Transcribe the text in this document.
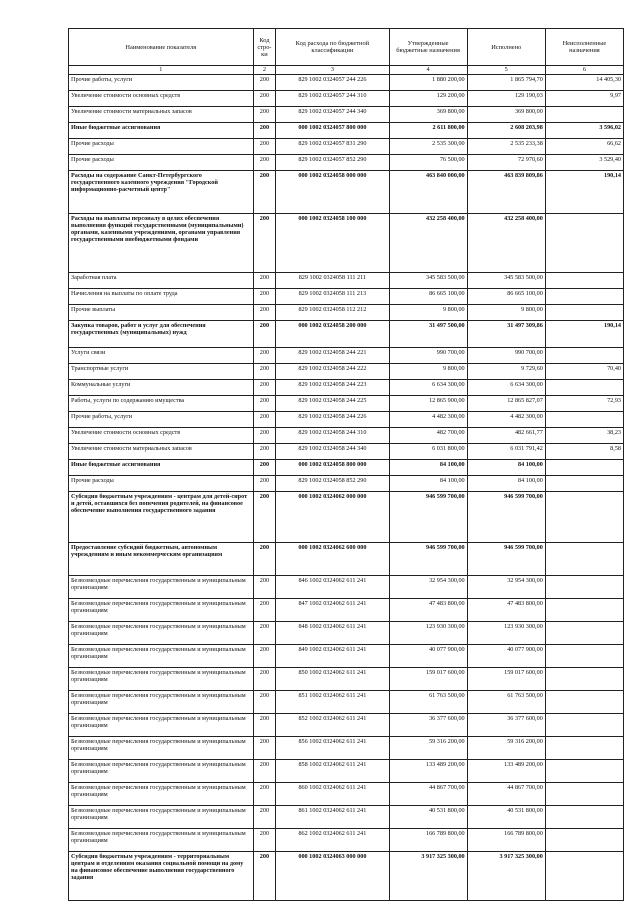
Наименование показателя	Код стро-ки	Код расхода по бюджетной классификации	Утвержденные бюджетные назначения	Исполнено	Неисполненные назначения
1	2	3	4	5	6
Прочие работы, услуги	200	829 1002 0324057 244 226	1 880 200,00	1 865 794,70	14 405,30
Увеличение стоимости основных средств	200	829 1002 0324057 244 310	129 200,00	129 190,03	9,97
Увеличение стоимости материальных запасов	200	829 1002 0324057 244 340	369 800,00	369 800,00	
Иные бюджетные ассигнования	200	000 1002 0324057 800 000	2 611 800,00	2 608 203,98	3 596,02
Прочие расходы	200	829 1002 0324057 831 290	2 535 300,00	2 535 233,38	66,62
Прочие расходы	200	829 1002 0324057 852 290	76 500,00	72 970,60	3 529,40
Расходы на содержание Санкт-Петербургского государственного казенного учреждения "Городской информационно-расчетный центр"	200	000 1002 0324058 000 000	463 840 000,00	463 839 809,86	190,14
Расходы на выплаты персоналу в целях обеспечения выполнения функций государственными (муниципальными) органами, казенными учреждениями, органами управления государственными внебюджетными фондами	200	000 1002 0324058 100 000	432 258 400,00	432 258 400,00	
Заработная плата	200	829 1002 0324058 111 211	345 583 500,00	345 583 500,00	
Начисления на выплаты по оплате труда	200	829 1002 0324058 111 213	86 665 100,00	86 665 100,00	
Прочие выплаты	200	829 1002 0324058 112 212	9 800,00	9 800,00	
Закупка товаров, работ и услуг для обеспечения государственных (муниципальных) нужд	200	000 1002 0324058 200 000	31 497 500,00	31 497 309,86	190,14
Услуги связи	200	829 1002 0324058 244 221	990 700,00	990 700,00	
Транспортные услуги	200	829 1002 0324058 244 222	9 800,00	9 729,60	70,40
Коммунальные услуги	200	829 1002 0324058 244 223	6 634 300,00	6 634 300,00	
Работы, услуги по содержанию имущества	200	829 1002 0324058 244 225	12 865 900,00	12 865 827,07	72,93
Прочие работы, услуги	200	829 1002 0324058 244 226	4 482 300,00	4 482 300,00	
Увеличение стоимости основных средств	200	829 1002 0324058 244 310	482 700,00	482 661,77	38,23
Увеличение стоимости материальных запасов	200	829 1002 0324058 244 340	6 031 800,00	6 031 791,42	8,58
Иные бюджетные ассигнования	200	000 1002 0324058 800 000	84 100,00	84 100,00	
Прочие расходы	200	829 1002 0324058 852 290	84 100,00	84 100,00	
Субсидия бюджетным учреждениям - центрам для детей-сирот и детей, оставшихся без попечения родителей, на финансовое обеспечение выполнения государственного задания	200	000 1002 0324062 000 000	946 599 700,00	946 599 700,00	
Предоставление субсидий бюджетным, автономным учреждениям и иным некоммерческим организациям	200	000 1002 0324062 600 000	946 599 700,00	946 599 700,00	
Безвозмездные перечисления государственным и муниципальным организациям	200	846 1002 0324062 611 241	32 954 300,00	32 954 300,00	
Безвозмездные перечисления государственным и муниципальным организациям	200	847 1002 0324062 611 241	47 483 800,00	47 483 800,00	
Безвозмездные перечисления государственным и муниципальным организациям	200	848 1002 0324062 611 241	123 930 300,00	123 930 300,00	
Безвозмездные перечисления государственным и муниципальным организациям	200	849 1002 0324062 611 241	40 077 900,00	40 077 900,00	
Безвозмездные перечисления государственным и муниципальным организациям	200	850 1002 0324062 611 241	159 017 600,00	159 017 600,00	
Безвозмездные перечисления государственным и муниципальным организациям	200	851 1002 0324062 611 241	61 763 500,00	61 763 500,00	
Безвозмездные перечисления государственным и муниципальным организациям	200	852 1002 0324062 611 241	36 377 600,00	36 377 600,00	
Безвозмездные перечисления государственным и муниципальным организациям	200	856 1002 0324062 611 241	59 316 200,00	59 316 200,00	
Безвозмездные перечисления государственным и муниципальным организациям	200	858 1002 0324062 611 241	133 489 200,00	133 489 200,00	
Безвозмездные перечисления государственным и муниципальным организациям	200	860 1002 0324062 611 241	44 867 700,00	44 867 700,00	
Безвозмездные перечисления государственным и муниципальным организациям	200	861 1002 0324062 611 241	40 531 800,00	40 531 800,00	
Безвозмездные перечисления государственным и муниципальным организациям	200	862 1002 0324062 611 241	166 789 800,00	166 789 800,00	
Субсидия бюджетным учреждениям - территориальным центрам и отделениям оказания социальной помощи на дому на финансовое обеспечение выполнения государственного задания	200	000 1002 0324063 000 000	3 917 325 300,00	3 917 325 300,00	
